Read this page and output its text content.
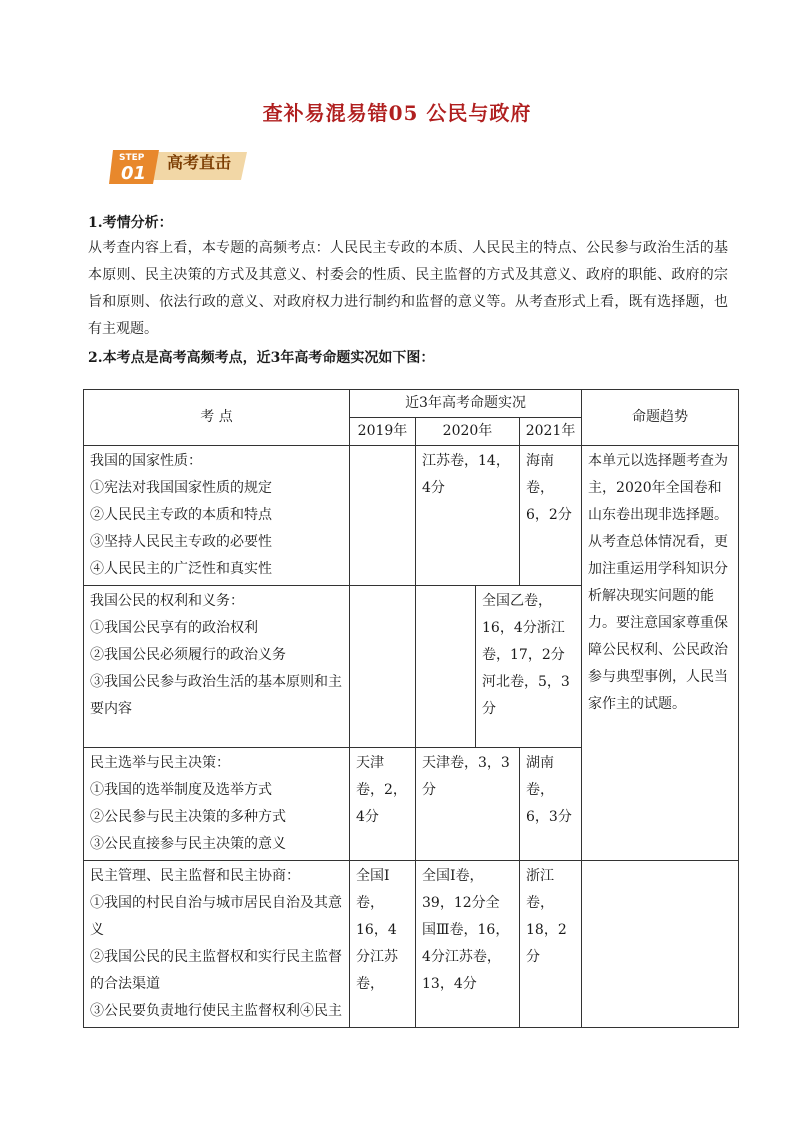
查补易混易错05 公民与政府
STEP
01
高考直击
1.考情分析：
从考查内容上看，本专题的高频考点：人民民主专政的本质、人民民主的特点、公民参与政治生活的基本原则、民主决策的方式及其意义、村委会的性质、民主监督的方式及其意义、政府的职能、政府的宗旨和原则、依法行政的意义、对政府权力进行制约和监督的意义等。从考查形式上看，既有选择题，也有主观题。
2.本考点是高考高频考点，近3年高考命题实况如下图：
考 点	近3年高考命题实况				命题趋势
	2019年	2020年		2021年	

我国的国家性质：
①宪法对我国国家性质的规定
②人民民主专政的本质和特点
③坚持人民民主专政的必要性
④人民民主的广泛性和真实性		江苏卷，14，4分		海南卷，6，2分	本单元以选择题考查为主，2020年全国卷和山东卷出现非选择题。从考查总体情况看，更加注重运用学科知识分析解决现实问题的能力。要注意国家尊重保障公民权利、公民政治参与典型事例，人民当家作主的试题。

我国公民的权利和义务：
①我国公民享有的政治权利
②我国公民必须履行的政治义务
③我国公民参与政治生活的基本原则和主要内容			全国乙卷，16，4分浙江卷，17，2分河北卷，5，3分		

民主选举与民主决策：
①我国的选举制度及选举方式
②公民参与民主决策的多种方式
③公民直接参与民主决策的意义	天津卷，2，4分	天津卷，3，3分		湖南卷，6，3分	

民主管理、民主监督和民主协商：
①我国的村民自治与城市居民自治及其意义
②我国公民的民主监督权和实行民主监督的合法渠道
③公民要负责地行使民主监督权利④民主	全国Ⅰ卷，16，4分江苏卷，	全国Ⅰ卷，39，12分全国Ⅲ卷，16，4分江苏卷，13，4分		浙江卷，18，2分	
